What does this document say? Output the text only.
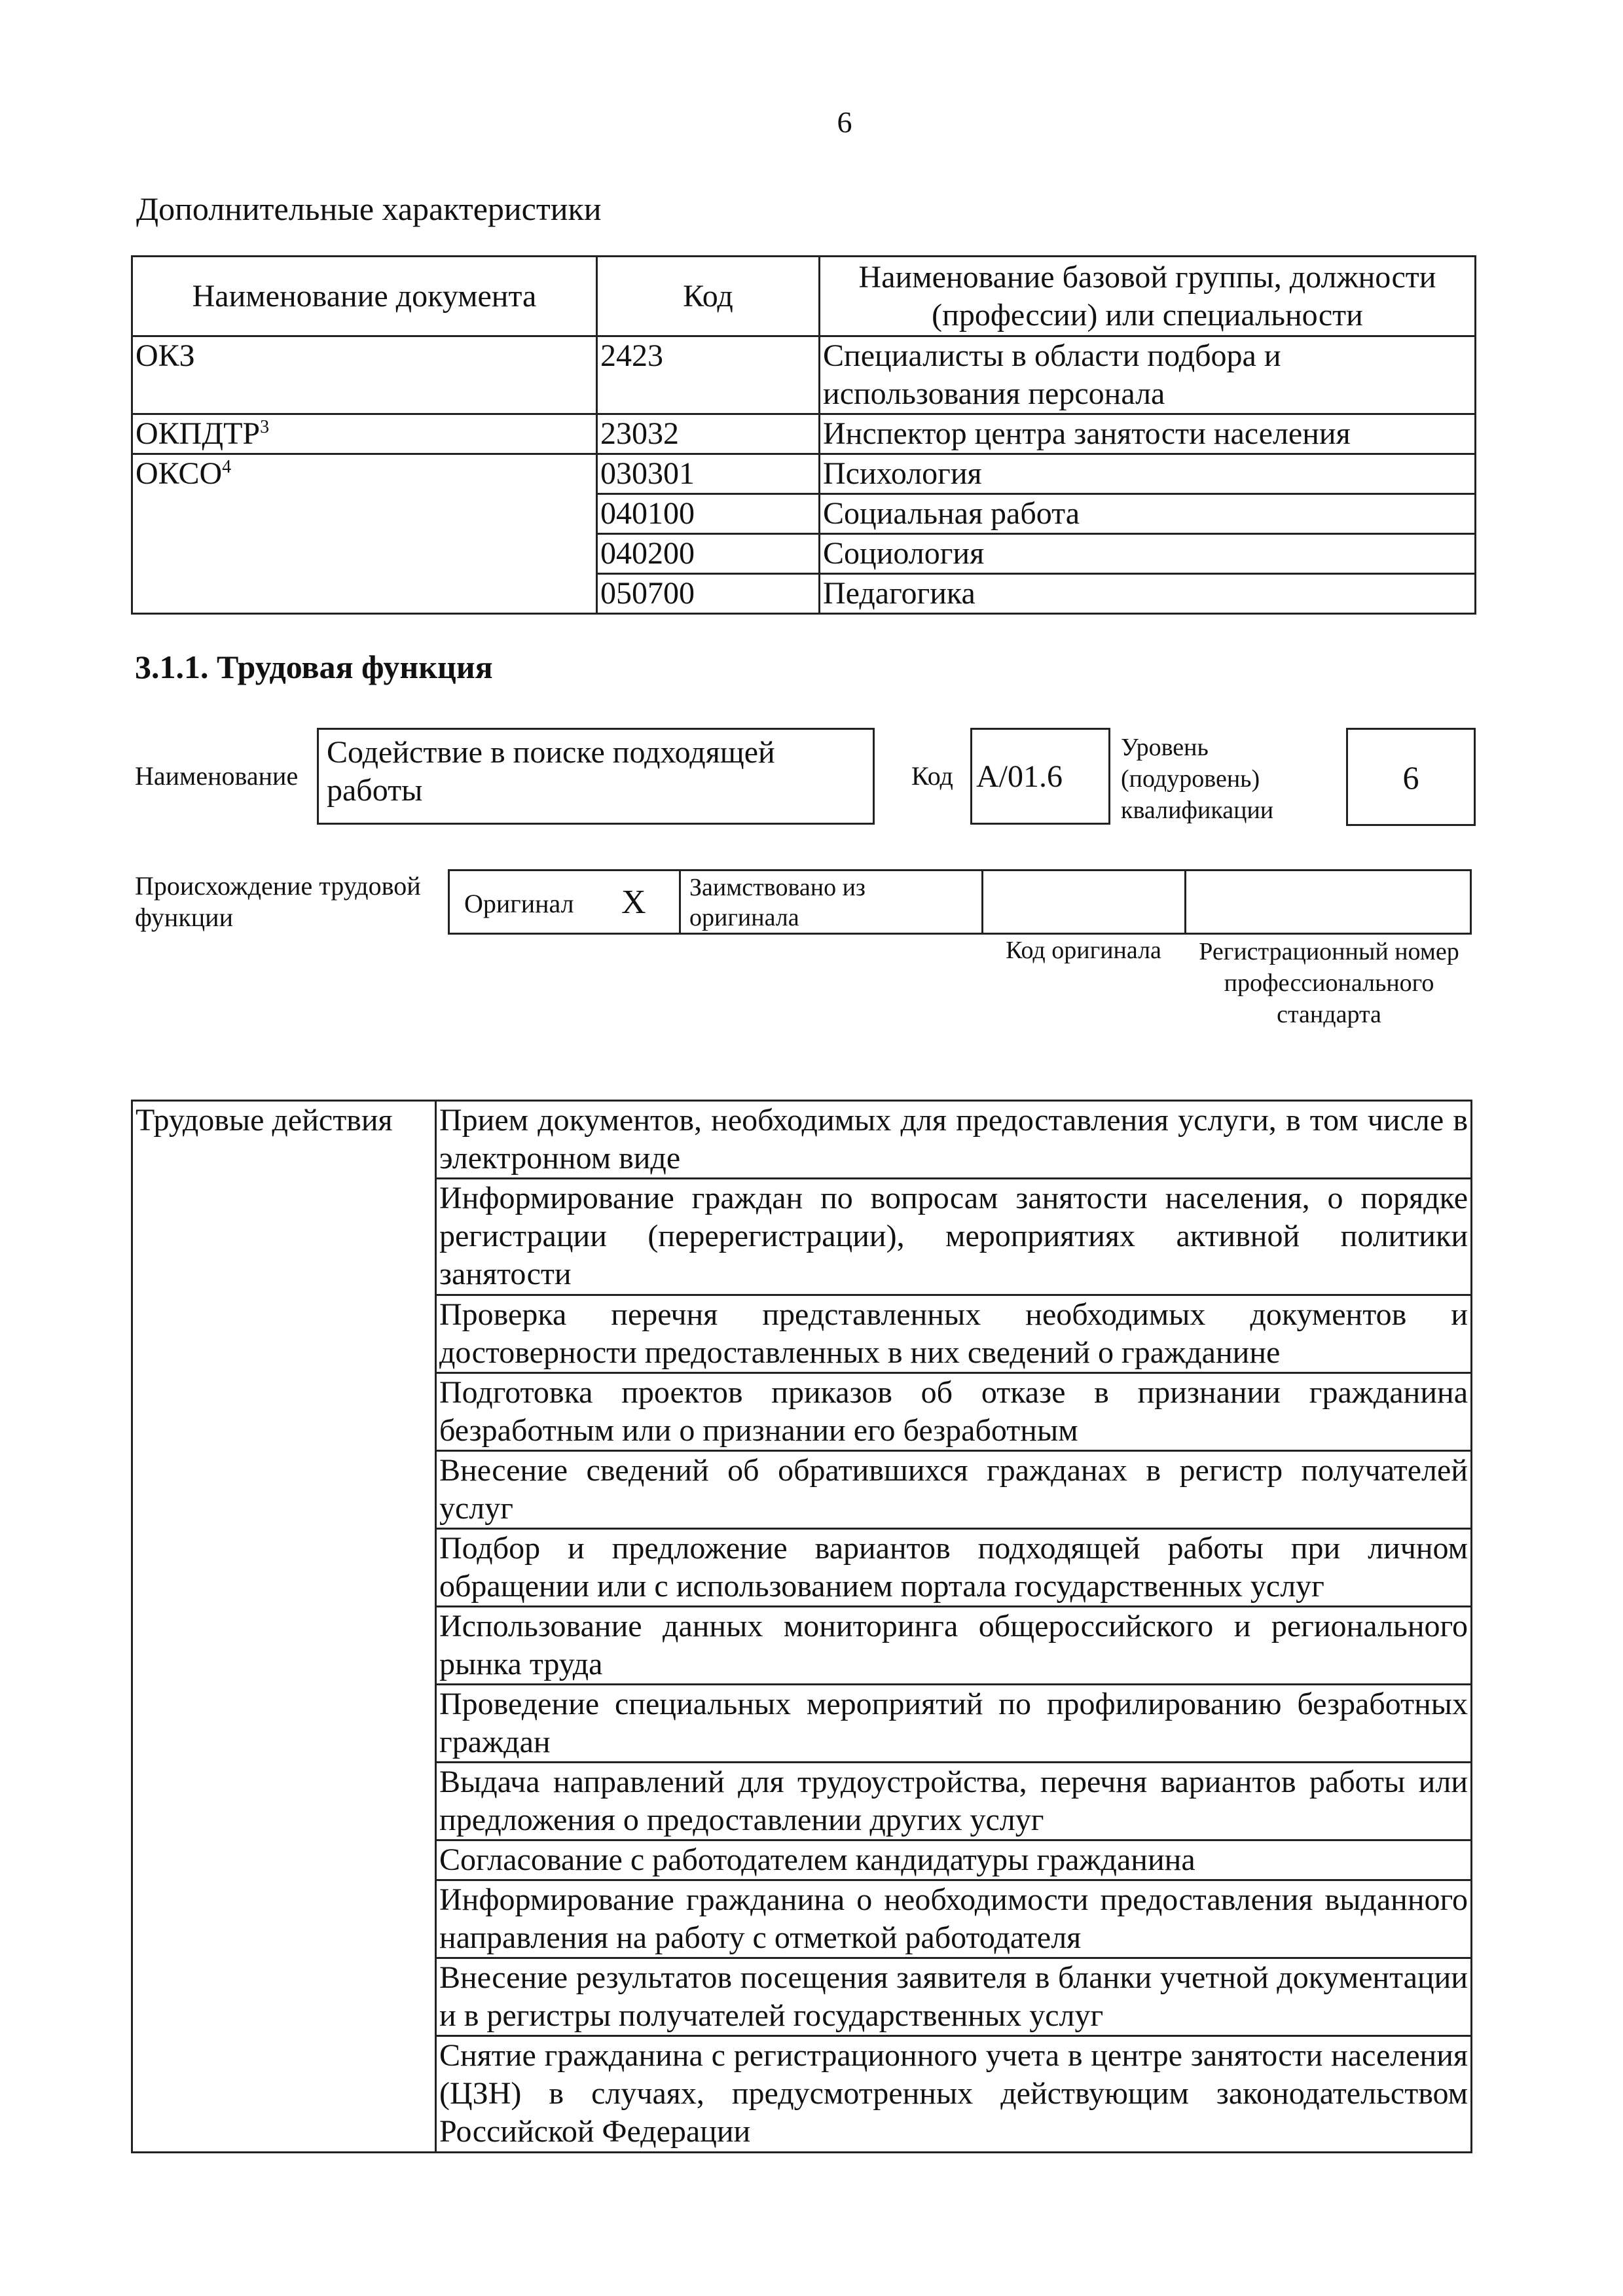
6
Дополнительные характеристики
Наименование документа	Код	Наименование базовой группы, должности (профессии) или специальности
ОКЗ	2423	Специалисты в области подбора и использования персонала
ОКПДТР$^3$	23032	Инспектор центра занятости населения
ОКСО$^4$	030301	Психология
	040100	Социальная работа
	040200	Социология
	050700	Педагогика
3.1.1. Трудовая функция
Наименование
Содействие в поиске подходящей работы	Код A/01.6
Уровень (подуровень) квалификации
6
Происхождение трудовой функции	Оригинал X Заимствовано из оригинала
Код оригинала	Регистрационный номер профессионального стандарта
Трудовые действия	Прием документов, необходимых для предоставления услуги, в том числе в электронном виде
Информирование граждан по вопросам занятости населения, о порядке регистрации (перерегистрации), мероприятиях активной политики занятости
Проверка перечня представленных необходимых документов и достоверности предоставленных в них сведений о гражданине
Подготовка проектов приказов об отказе в признании гражданина безработным или о признании его безработным
Внесение сведений об обратившихся гражданах в регистр получателей услуг
Подбор и предложение вариантов подходящей работы при личном обращении или с использованием портала государственных услуг
Использование данных мониторинга общероссийского и регионального рынка труда
Проведение специальных мероприятий по профилированию безработных граждан
Выдача направлений для трудоустройства, перечня вариантов работы или предложения о предоставлении других услуг
Согласование с работодателем кандидатуры гражданина
Информирование гражданина о необходимости предоставления выданного направления на работу с отметкой работодателя
Внесение результатов посещения заявителя в бланки учетной документации и в регистры получателей государственных услуг
Снятие гражданина с регистрационного учета в центре занятости населения (ЦЗН) в случаях, предусмотренных действующим законодательством Российской Федерации
